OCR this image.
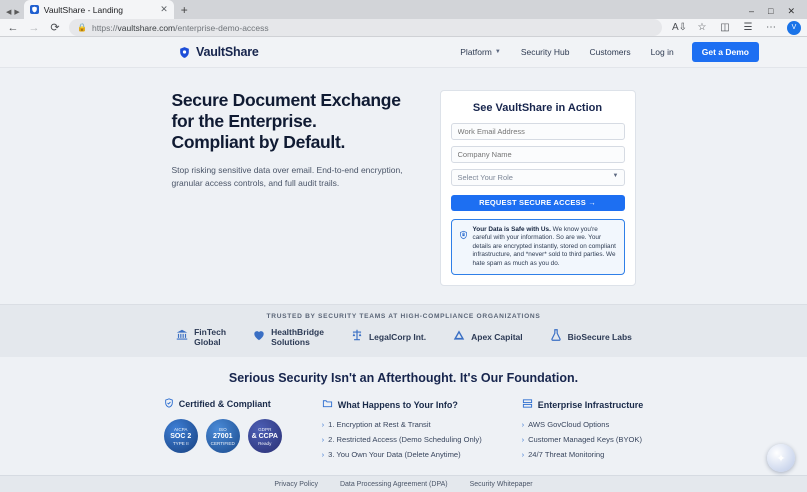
◀ ▶	VaultShare - Landing	✕	+	– □ ✕
← → ⟳ 🔒 https://vaultshare.com/enterprise-demo-access	A⇩ ☆ ◫ ☰ ⋯	V
VaultShare	Platform ▼ Security Hub Customers Log in	Get a Demo
Secure Document Exchange
for the Enterprise.
Compliant by Default.

Stop risking sensitive data over email. End-to-end encryption,
granular access controls, and full audit trails.

See VaultShare in Action
Work Email Address
Company Name
Select Your Role
▼
REQUEST SECURE ACCESS →
Your Data is Safe with Us. We know you're careful with your information. So are we. Your details are encrypted instantly, stored on compliant infrastructure, and *never* sold to third parties. We hate spam as much as you do.
TRUSTED BY SECURITY TEAMS AT HIGH-COMPLIANCE ORGANIZATIONS
FinTech
Global
HealthBridge
Solutions	LegalCorp Int.	Apex Capital	BioSecure Labs
Serious Security Isn't an Afterthought. It's Our Foundation.
Certified & Compliant
AICPA
SOC 2
TYPE II
ISO
27001
CERTIFIED
GDPR
& CCPA
Ready
What Happens to Your Info?
› 1. Encryption at Rest & Transit
› 2. Restricted Access (Demo Scheduling Only)
› 3. You Own Your Data (Delete Anytime)
Enterprise Infrastructure
› AWS GovCloud Options
› Customer Managed Keys (BYOK)
› 24/7 Threat Monitoring
Privacy Policy	Data Processing Agreement (DPA)	Security Whitepaper
✦
